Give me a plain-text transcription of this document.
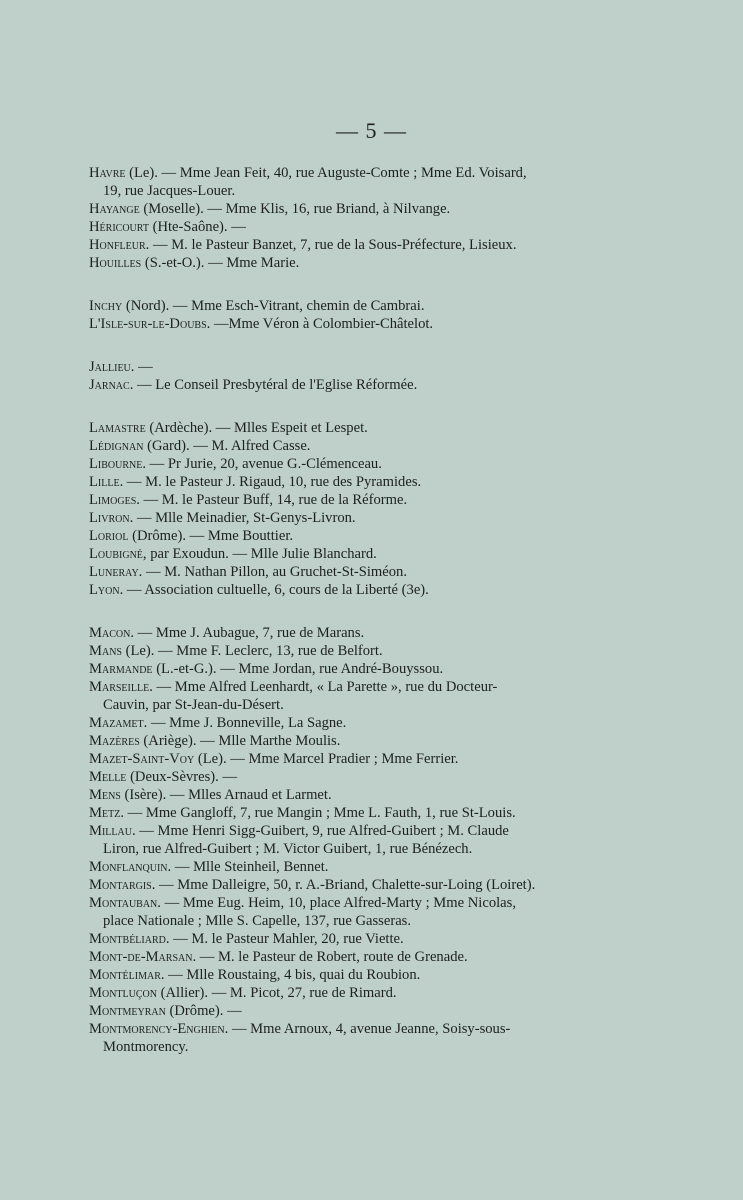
— 5 —
Havre (Le). — Mme Jean Feit, 40, rue Auguste-Comte ; Mme Ed. Voisard,
19, rue Jacques-Louer.
Hayange (Moselle). — Mme Klis, 16, rue Briand, à Nilvange.
Héricourt (Hte-Saône). —
Honfleur. — M. le Pasteur Banzet, 7, rue de la Sous-Préfecture, Lisieux.
Houilles (S.-et-O.). — Mme Marie.
Inchy (Nord). — Mme Esch-Vitrant, chemin de Cambrai.
L'Isle-sur-le-Doubs. —Mme Véron à Colombier-Châtelot.
Jallieu. —
Jarnac. — Le Conseil Presbytéral de l'Eglise Réformée.
Lamastre (Ardèche). — Mlles Espeit et Lespet.
Lédignan (Gard). — M. Alfred Casse.
Libourne. — Pr Jurie, 20, avenue G.-Clémenceau.
Lille. — M. le Pasteur J. Rigaud, 10, rue des Pyramides.
Limoges. — M. le Pasteur Buff, 14, rue de la Réforme.
Livron. — Mlle Meinadier, St-Genys-Livron.
Loriol (Drôme). — Mme Bouttier.
Loubigné, par Exoudun. — Mlle Julie Blanchard.
Luneray. — M. Nathan Pillon, au Gruchet-St-Siméon.
Lyon. — Association cultuelle, 6, cours de la Liberté (3e).
Macon. — Mme J. Aubague, 7, rue de Marans.
Mans (Le). — Mme F. Leclerc, 13, rue de Belfort.
Marmande (L.-et-G.). — Mme Jordan, rue André-Bouyssou.
Marseille. — Mme Alfred Leenhardt, « La Parette », rue du Docteur-
Cauvin, par St-Jean-du-Désert.
Mazamet. — Mme J. Bonneville, La Sagne.
Mazères (Ariège). — Mlle Marthe Moulis.
Mazet-Saint-Voy (Le). — Mme Marcel Pradier ; Mme Ferrier.
Melle (Deux-Sèvres). —
Mens (Isère). — Mlles Arnaud et Larmet.
Metz. — Mme Gangloff, 7, rue Mangin ; Mme L. Fauth, 1, rue St-Louis.
Millau. — Mme Henri Sigg-Guibert, 9, rue Alfred-Guibert ; M. Claude
Liron, rue Alfred-Guibert ; M. Victor Guibert, 1, rue Bénézech.
Monflanquin. — Mlle Steinheil, Bennet.
Montargis. — Mme Dalleigre, 50, r. A.-Briand, Chalette-sur-Loing (Loiret).
Montauban. — Mme Eug. Heim, 10, place Alfred-Marty ; Mme Nicolas,
place Nationale ; Mlle S. Capelle, 137, rue Gasseras.
Montbéliard. — M. le Pasteur Mahler, 20, rue Viette.
Mont-de-Marsan. — M. le Pasteur de Robert, route de Grenade.
Montélimar. — Mlle Roustaing, 4 bis, quai du Roubion.
Montluçon (Allier). — M. Picot, 27, rue de Rimard.
Montmeyran (Drôme). —
Montmorency-Enghien. — Mme Arnoux, 4, avenue Jeanne, Soisy-sous-
Montmorency.
